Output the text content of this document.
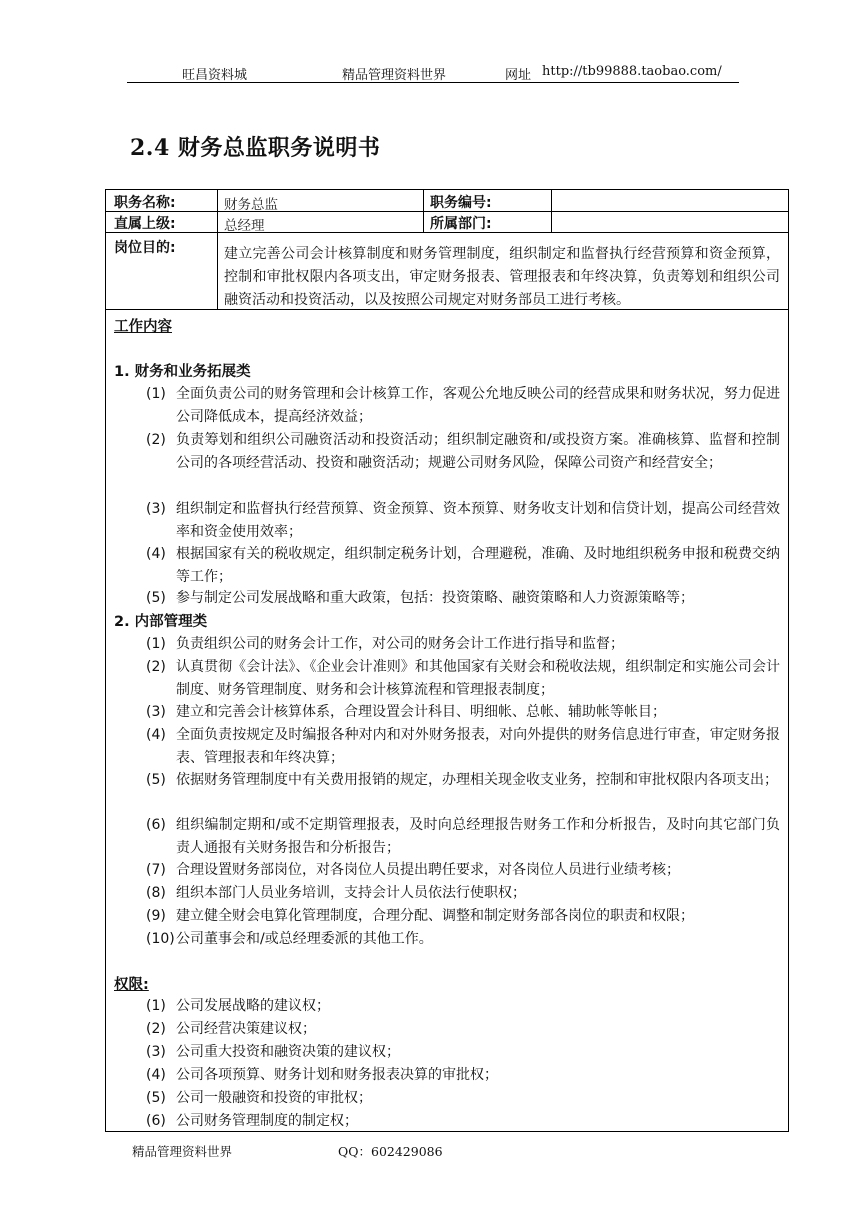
旺昌资料城	精品管理资料世界	网址 http://tb99888.taobao.com/
2.4 财务总监职务说明书
职务名称:	财务总监	职务编号:
直属上级:	总经理	所属部门:
岗位目的:	建立完善公司会计核算制度和财务管理制度，组织制定和监督执行经营预算和资金预算，控制和审批权限内各项支出，审定财务报表、管理报表和年终决算，负责筹划和组织公司融资活动和投资活动，以及按照公司规定对财务部员工进行考核。
工作内容
1. 财务和业务拓展类
(1) 全面负责公司的财务管理和会计核算工作，客观公允地反映公司的经营成果和财务状况，努力促进公司降低成本，提高经济效益；
(2) 负责筹划和组织公司融资活动和投资活动；组织制定融资和/或投资方案。准确核算、监督和控制公司的各项经营活动、投资和融资活动；规避公司财务风险，保障公司资产和经营安全；
(3) 组织制定和监督执行经营预算、资金预算、资本预算、财务收支计划和信贷计划，提高公司经营效率和资金使用效率；
(4) 根据国家有关的税收规定，组织制定税务计划，合理避税，准确、及时地组织税务申报和税费交纳等工作；
(5) 参与制定公司发展战略和重大政策，包括：投资策略、融资策略和人力资源策略等；
2. 内部管理类
(1) 负责组织公司的财务会计工作，对公司的财务会计工作进行指导和监督；
(2) 认真贯彻《会计法》、《企业会计准则》和其他国家有关财会和税收法规，组织制定和实施公司会计制度、财务管理制度、财务和会计核算流程和管理报表制度；
(3) 建立和完善会计核算体系，合理设置会计科目、明细帐、总帐、辅助帐等帐目；
(4) 全面负责按规定及时编报各种对内和对外财务报表，对向外提供的财务信息进行审查，审定财务报表、管理报表和年终决算；
(5) 依据财务管理制度中有关费用报销的规定，办理相关现金收支业务，控制和审批权限内各项支出；
(6) 组织编制定期和/或不定期管理报表，及时向总经理报告财务工作和分析报告，及时向其它部门负责人通报有关财务报告和分析报告；
(7) 合理设置财务部岗位，对各岗位人员提出聘任要求，对各岗位人员进行业绩考核；
(8) 组织本部门人员业务培训，支持会计人员依法行使职权；
(9) 建立健全财会电算化管理制度，合理分配、调整和制定财务部各岗位的职责和权限；
(10) 公司董事会和/或总经理委派的其他工作。
权限:
(1) 公司发展战略的建议权；
(2) 公司经营决策建议权；
(3) 公司重大投资和融资决策的建议权；
(4) 公司各项预算、财务计划和财务报表决算的审批权；
(5) 公司一般融资和投资的审批权；
(6) 公司财务管理制度的制定权；
精品管理资料世界	QQ：602429086
